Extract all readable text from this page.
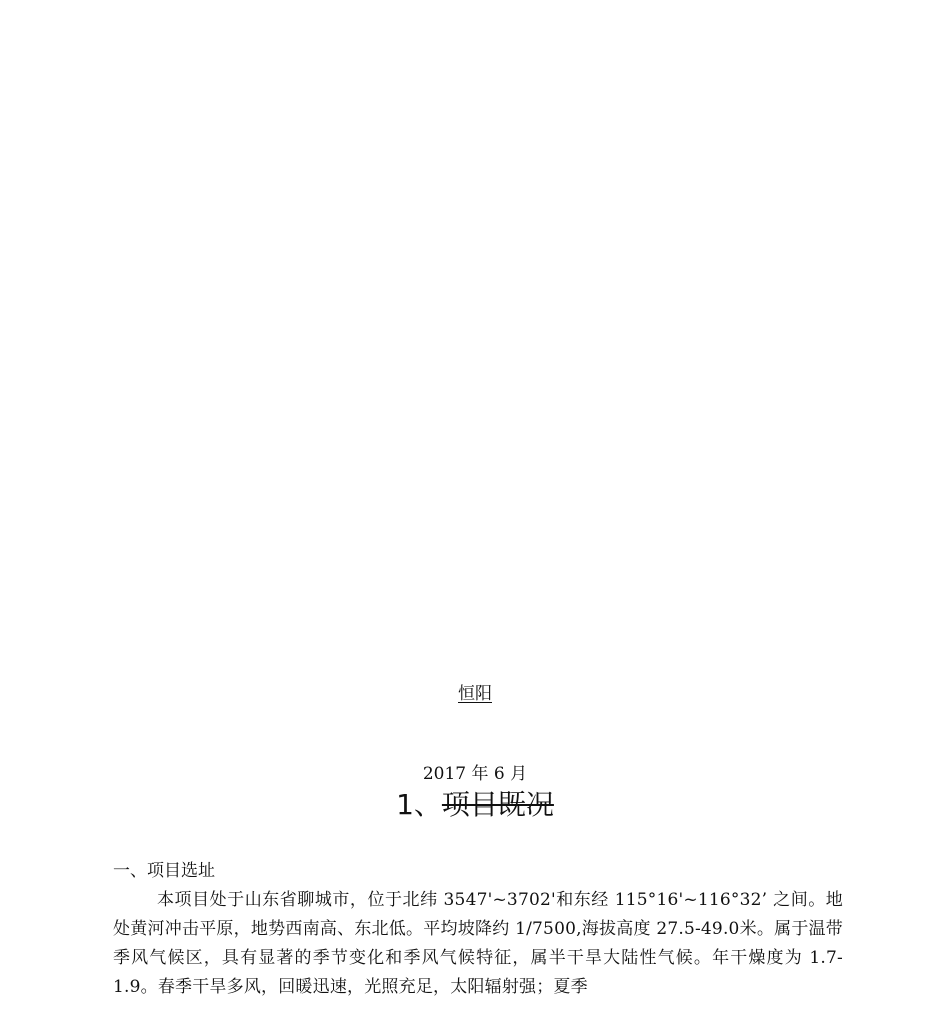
恒阳
2017 年 6 月
1、项目既况
一、项目选址
本项目处于山东省聊城市，位于北纬 3547'~3702'和东经 115°16'~116°32’ 之间。地处黄河冲击平原，地势西南高、东北低。平均坡降约 1/7500,海拔高度 27.5-49.0米。属于温带季风气候区，具有显著的季节变化和季风气候特征，属半干旱大陆性气候。年干燥度为 1.7-1.9。春季干旱多风，回暖迅速，光照充足，太阳辐射强；夏季
